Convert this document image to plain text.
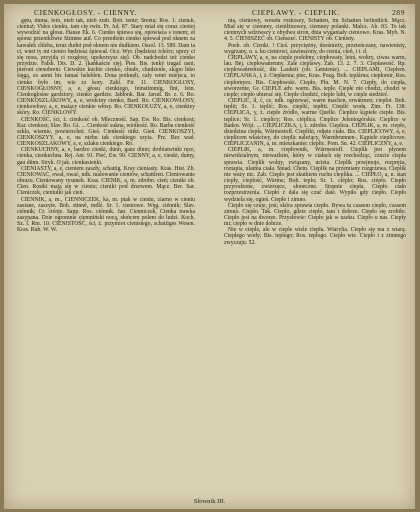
CIENKOGŁOSY. - CIENNY.	CIEPŁAWY. - CIEPLIK.	289

gętu, duma, fein, nieb tak, nieb zrab. Boh. tenie; Sreeta; Ros. 1. cienьb, cieniuż; Vides cienku, tam cię rwin. Pr. Ad. 87. Stary miał się coraz cieniej wywodzić na głosu. Hause Ek. 6. Cienko śpiewa się, opowiaca s tonem; et sponsi przenikliwie Stimme auf. Co przedtem cienko śpiewał pod oknem za kawałek chleba, teraz dudni pod oknem nie dudkiem. Ossol. 13. 589. Dam ia ci, wnet ty mi cienżo będziesz śpiewał. Ocz. Wyr. (będziesz tchórz; uprzy ci się nosa, przyjdą ci rozgłosy, upokorzysz się). Ob. nadchodzi też cienko przydzie. Falsh. Dis. D. 2. (kańkaście się). Pies. Bis. tenký tragač usni, pieroni cienobreni. Ciewskie kuchie cienko, chudo, chudzenie, skąpo łeko sięgą, es anmt bis famaś heleblen. Dosa potknęli, cały wnet miejsca, to cienko było im, wie zz kory. Zabl. Fir. 11. CIENKOGŁOSY, CIENKOGŁOSNY, a, e, głosu cienkiego, feinstimmig, fint, fein. Cienkogłośne gardziory, cienko gardzie. Jabłonk. Bar. Jarud. Br. z. 6. Ro. CIENKOSZLAKOWY, a, e, wiotciny cienko, Bard. Ro. CIENKOWŁOSY, cienkowłosy, a, e, maiący cienkie włosy. Ro. CIENKOŁUŻY, a, e, cienkiey skóry. Ro. CIEŃKLOWY.

CIENKOŚĆ, ści, ż. cienkość ob. Mleczność. Sap. Ew. Ro. Bis. cienkost; Kar. cienkost; Slav. Ro. Gi. ... Cienkość sukna, wiotkość. Ro. Barba cienkość szkła, wiarnie, powierzchni. Gieś. Cienkość nitki. Gień. CIENKOSZYI, CIENKOSZYY, a, e, na niebu tak cienkiego szyia. Prz. Bez wad. CIENKOSZLAKOWY, a, e, szlaku cienkiego. Ro.

CIENKUCHNY, a, e, bardzo cienki, dünn, ganz dünn; drobiatwinki ręce, cienka, cienkuchna. Rej. Ant. 91. Pieć, Ew. 90. CIENNY, a, e, cienki, dumy, gau dünn. Stryk. O jak. cienkusienki.

CIENIASTY, a, e, cieniem zaszły, schattig. Kray cieniasty. Kras. Hist. Zb. CIENIOWAĆ, ował, ować, ndk. malowanie cieniów, schattiren. Cieniowanie obrazu. Cieniowany rysunek. Kras. CIENIK, a, m. zdrobn. cień; cieniki ob. Cien. Rostki mają się w cieniu; cieniki pod drzewem. Mącz. Ber. Sar. Cieniczek, cieniutki jak cień.

CIENNIK, a, m., CIENNICZEK, ka, m. ptak w cieniu, ziarno w cieniu zasiane, zaszyte. Boh. stinně, mdlé. Sr. 1. cieniowe. Węg. ciénnik; Slav. ciénnik; Cr. ciénje. Sapp. Ros. ciénnik. Jan. Cienniczek, Cienka trawka zasypana. Dzie ogromnie ciemniński nocą, słońcem polem do ludzi. Koch. Sz. I. Rm. 10. CIENISTOŚĆ, ści, ż. przymiot cienistego, schattiges Wesen. Kras. Rub. W. W.

nia, cieniowy, wesoła rozkoszy, Schatten, im Schatten befindlich. Mącz. Miał się w ciemney, cieniłżnowey, ciemney polanki. Malcz. Ab. 83. To tak ciemnych wdziwszy z obydwu stron, dnia wyganiały cieniowo. Kras. Myb. N. 4. 5. CIENISZEĆ ob. Cieńszeć. CIENISTY ob. Cienisty.

Poeh. ob. Cienki. ! Cieś. przyciężny, doeśnieży, przeieńczany, nawienisty, wygrzany, n. s. ku cieniowi, zawieszony, do cienia, cień, i t. d.

CIEPŁAWY, a, e, na cieple podobny, ciepłowaty, letni, woltry, ctwas warm, lau. Bej. ciepłowańrenny. Zale ciepławy. Zab. 13. 2. 7. 3. Ciepławość. Rp. ciepłowańrentość, die Lauheit (ob. Letnienie). ... CIEPLAMI, Ciepłem. CIEPLANKA, i, ż. Ciepłarnia; piec, Kras. Pozg. Boh. teplárna; ciepłomir, Ros. cieplomyez. Bis. Ciepłowski. Ciepło, Pln. M. N. 7. Ciepły, do ciepła, stworzenie, Gr. CIEPLE adv. warm. Bis. teple. Ciepłe nie chodzi, chodzi w cieple; ciepło ubierać się. Cieple chodzić, cieple lubi, w cieple siedzieć.

CIEPLIĆ, ił, ć, cz. ndk. ogrzewać, warm machen, erwärmen; ciepłot. Boh. teplit; Sr. 1. teplić; Ros. cieplić, tepłiti. Cieplić wodę. Zim. Fr. 138. CIEPLICA, y, ż. ciepłe źródło, warme Quelle. Cieplice kąpiele ciepłe. Bis. teplice; Sr. 1. cieplicy; Ros. ciéplica. Cieplice Jeleniogórskie. Cieplice w Baden. Wójt. ... CIEPLICZKA, i, ż. zdrobn. Cieplica. CIEPLIK, a, m. ciepło, dziedzina ciepła, Wärmestoff. Ciepliki, odjęte ciało. Bis. CIEPLICOWY, a, e, cieplicom właściwy, do cieplic należący, Warmbrunnen-, Kąpiele cieplicowe. CIEPLICZANIN, a, m. mieszkaniec cieplic. Pom. Sn. 42. CIEPLICZNY, a, e.

CIEPLIK, a, m. ciepłownik, Wärmestoff. Cieplik jest płynem niewidzialnym, nieważkim, który w ciałach się rozchodząc, czucie ciepła sprawia. Cieplik wolny, związany, ucieta. Cieplik przejmuje, rozpręża, roztapia, ulatnia ciała. Śniad. Chem. Cieplik na przemiany rozgrzewa. Cieplik nie waży nic. Zab. Ciepło jest skutkiem ruchu cieplika. ... CIEPŁO, a, n. stan ciepły, ciepłość, Wärme; Boh. teplo; Sr. 1. ciéplo; Ros. ciéplo. Ciepło przyrodzone, zwierzęce, słoneczne. Stopnie ciepła. Ciepło ciało rozprzestrzenia. Ciepło z dala się czuć daie. Wypiło gdy ciepło. Ciepło wydziela się, ogień. Ciepło i zimno.

Ciepło się czuje, jest; skóra sprawia ciepło. Bywa tu czasem ciepło, czasem zimno. Ciepło. Tak. Ciepło, gdzie ciepło, tam i dobrze. Ciepło się zrobiło. Ciepło jest na dworze. Przysłowie: Ciepło jak w uszku. Ciepło u nas. Ciepły mi; ciepło w dnie dobrze.

Nie w cieple, ale w cieple wiele ciepła. Wiarylia. Ciepło się ma z wiarą. Ciepłego wody; Bis. teplego; Ros. teplogo. Ciepło wie. Ciepło i z zimnego zwyczaju. 52.

Słownik III.
